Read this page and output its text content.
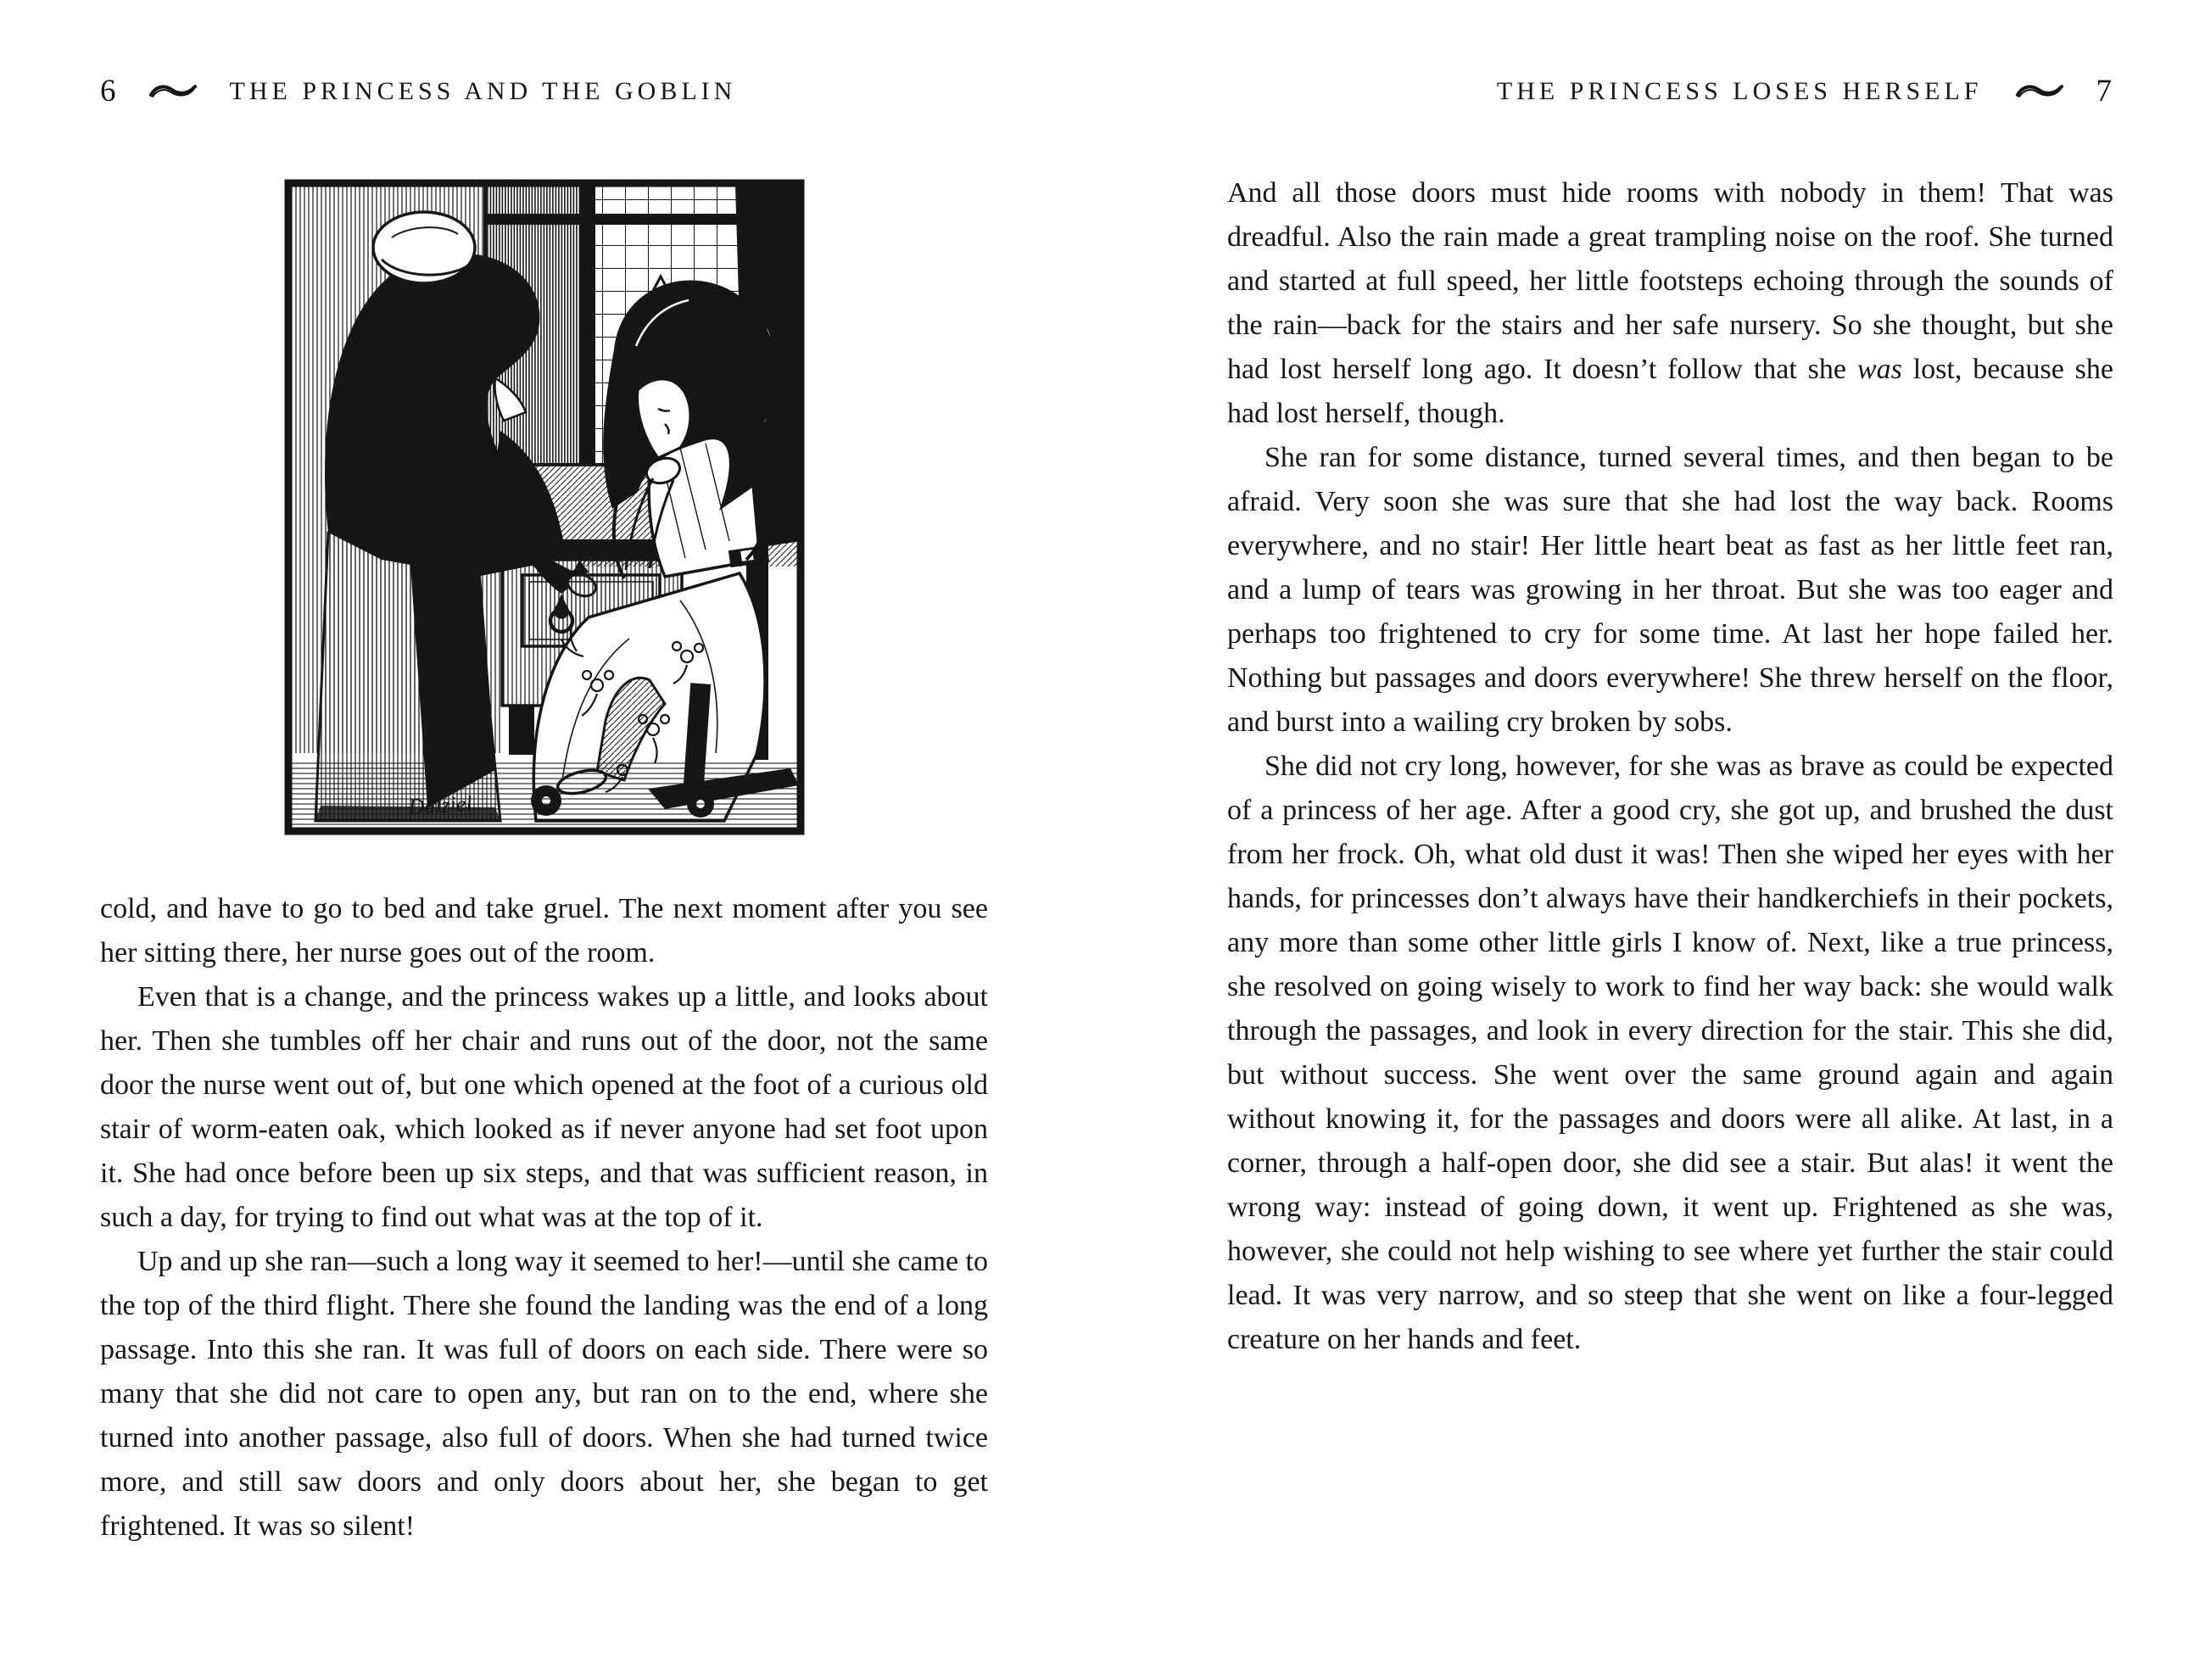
6	THE PRINCESS AND THE GOBLIN
Dalziel

cold, and have to go to bed and take gruel. The next moment after you see her sitting there, her nurse goes out of the room.

Even that is a change, and the princess wakes up a little, and looks about her. Then she tumbles off her chair and runs out of the door, not the same door the nurse went out of, but one which opened at the foot of a curious old stair of worm-eaten oak, which looked as if never anyone had set foot upon it. She had once before been up six steps, and that was sufficient reason, in such a day, for trying to find out what was at the top of it.

Up and up she ran—such a long way it seemed to her!—until she came to the top of the third flight. There she found the landing was the end of a long passage. Into this she ran. It was full of doors on each side. There were so many that she did not care to open any, but ran on to the end, where she turned into another passage, also full of doors. When she had turned twice more, and still saw doors and only doors about her, she began to get frightened. It was so silent!

THE PRINCESS LOSES HERSELF	7

And all those doors must hide rooms with nobody in them! That was dreadful. Also the rain made a great trampling noise on the roof. She turned and started at full speed, her little footsteps echoing through the sounds of the rain—back for the stairs and her safe nursery. So she thought, but she had lost herself long ago. It doesn’t follow that she was lost, because she had lost herself, though.

She ran for some distance, turned several times, and then began to be afraid. Very soon she was sure that she had lost the way back. Rooms everywhere, and no stair! Her little heart beat as fast as her little feet ran, and a lump of tears was growing in her throat. But she was too eager and perhaps too frightened to cry for some time. At last her hope failed her. Nothing but passages and doors everywhere! She threw herself on the floor, and burst into a wailing cry broken by sobs.

She did not cry long, however, for she was as brave as could be expected of a princess of her age. After a good cry, she got up, and brushed the dust from her frock. Oh, what old dust it was! Then she wiped her eyes with her hands, for princesses don’t always have their handkerchiefs in their pockets, any more than some other little girls I know of. Next, like a true princess, she resolved on going wisely to work to find her way back: she would walk through the passages, and look in every direction for the stair. This she did, but without success. She went over the same ground again and again without knowing it, for the passages and doors were all alike. At last, in a corner, through a half-open door, she did see a stair. But alas! it went the wrong way: instead of going down, it went up. Frightened as she was, however, she could not help wishing to see where yet further the stair could lead. It was very narrow, and so steep that she went on like a four-legged creature on her hands and feet.
